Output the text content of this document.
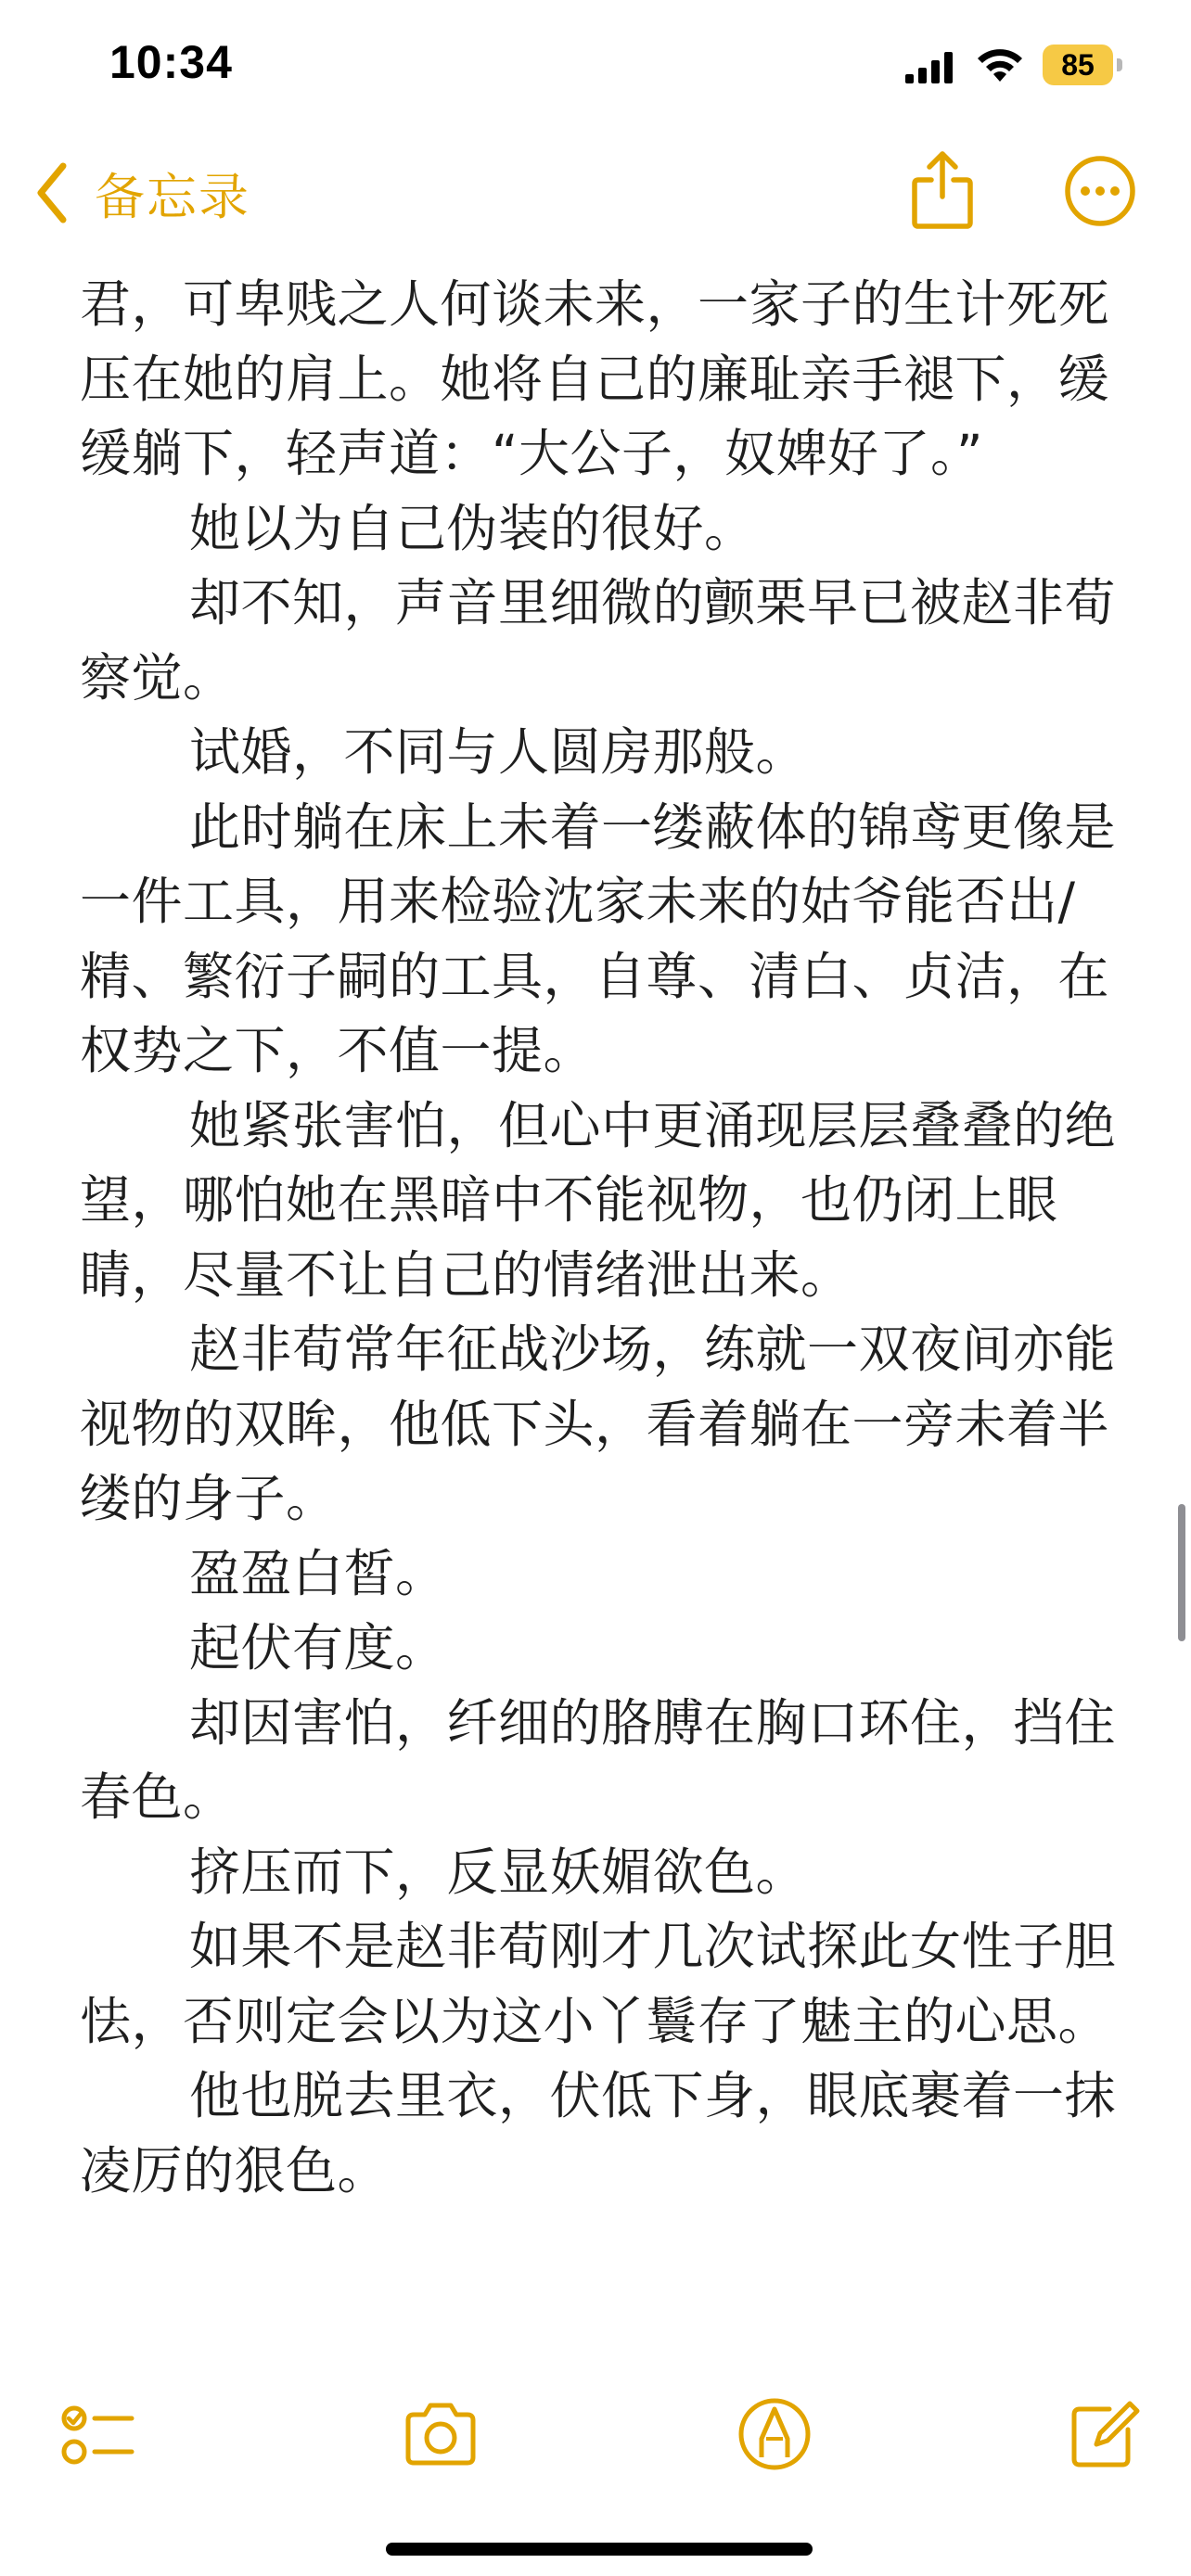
君，可卑贱之人何谈未来，一家子的生计死死压在她的肩上。她将自己的廉耻亲手褪下，缓缓躺下，轻声道：“大公子，奴婢好了。”

她以为自己伪装的很好。

却不知，声音里细微的颤栗早已被赵非荀察觉。

试婚，不同与人圆房那般。

此时躺在床上未着一缕蔽体的锦鸢更像是一件工具，用来检验沈家未来的姑爷能否出/精、繁衍子嗣的工具，自尊、清白、贞洁，在权势之下，不值一提。

她紧张害怕，但心中更涌现层层叠叠的绝望，哪怕她在黑暗中不能视物，也仍闭上眼睛，尽量不让自己的情绪泄出来。

赵非荀常年征战沙场，练就一双夜间亦能视物的双眸，他低下头，看着躺在一旁未着半缕的身子。

盈盈白皙。

起伏有度。

却因害怕，纤细的胳膊在胸口环住，挡住春色。

挤压而下，反显妖媚欲色。

如果不是赵非荀刚才几次试探此女性子胆怯，否则定会以为这小丫鬟存了魅主的心思。

他也脱去里衣，伏低下身，眼底裹着一抹凌厉的狠色。

10:34	85
备忘录
